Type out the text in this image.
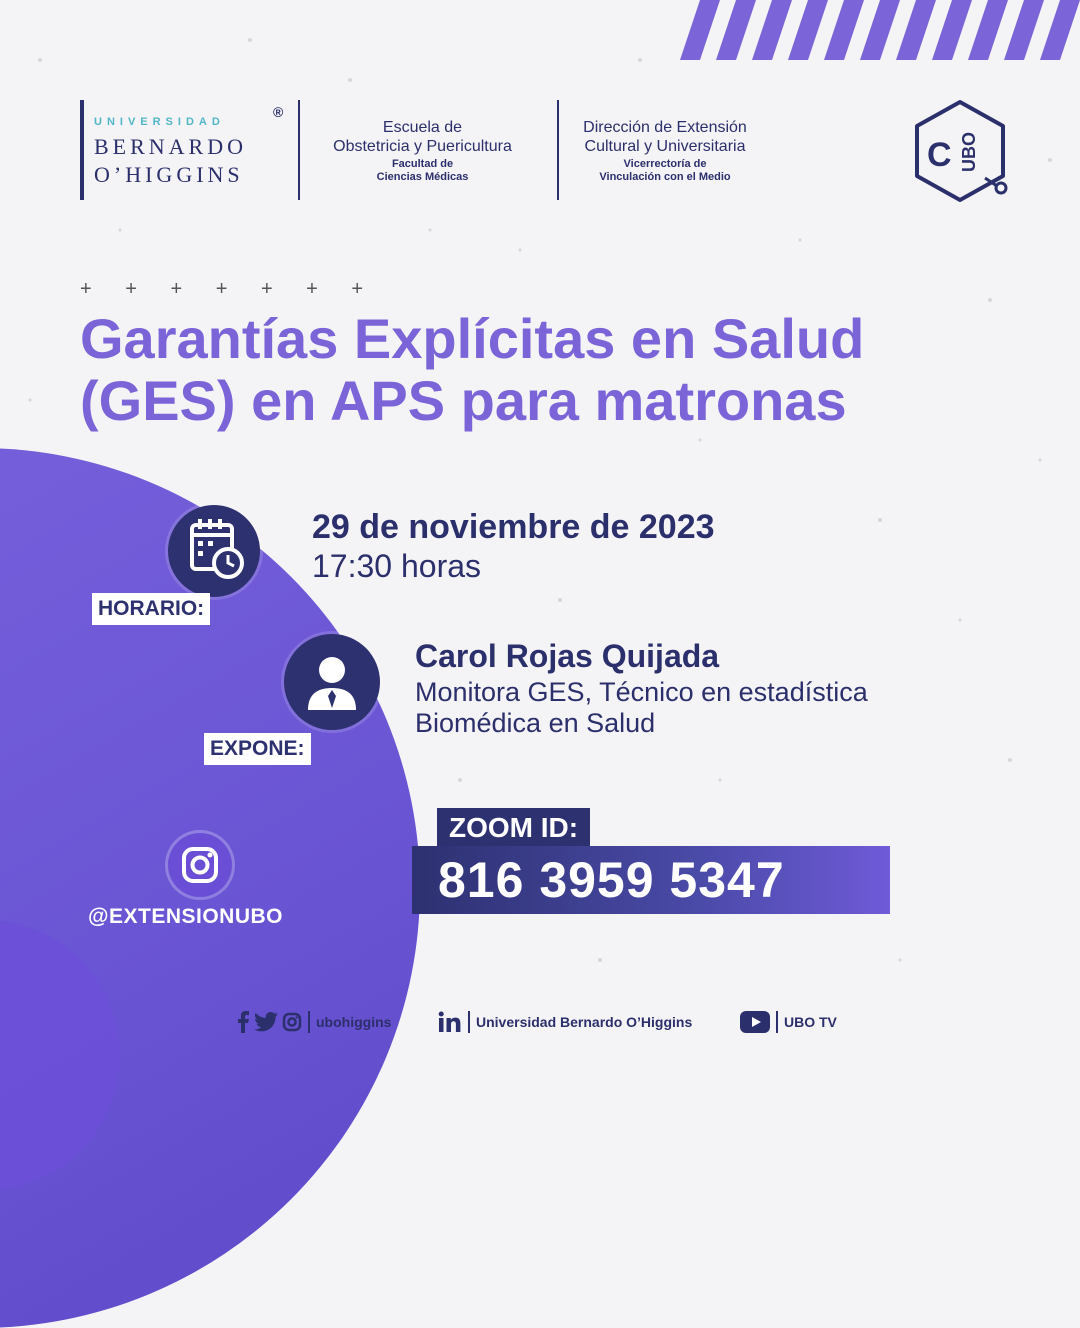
UNIVERSIDAD
BERNARDO
O’HIGGINS
®
Escuela de
Obstetricia y Puericultura
Facultad de
Ciencias Médicas
Dirección de Extensión
Cultural y Universitaria
Vicerrectoría de
Vinculación con el Medio
C UBO
+ + + + + + +
Garantías Explícitas en Salud
(GES) en APS para matronas
HORARIO:
29 de noviembre de 2023
17:30 horas
EXPONE:
Carol Rojas Quijada
Monitora GES, Técnico en estadística
Biomédica en Salud
ZOOM ID:
816 3959 5347
@EXTENSIONUBO
ubohiggins	Universidad Bernardo O’Higgins	UBO TV
